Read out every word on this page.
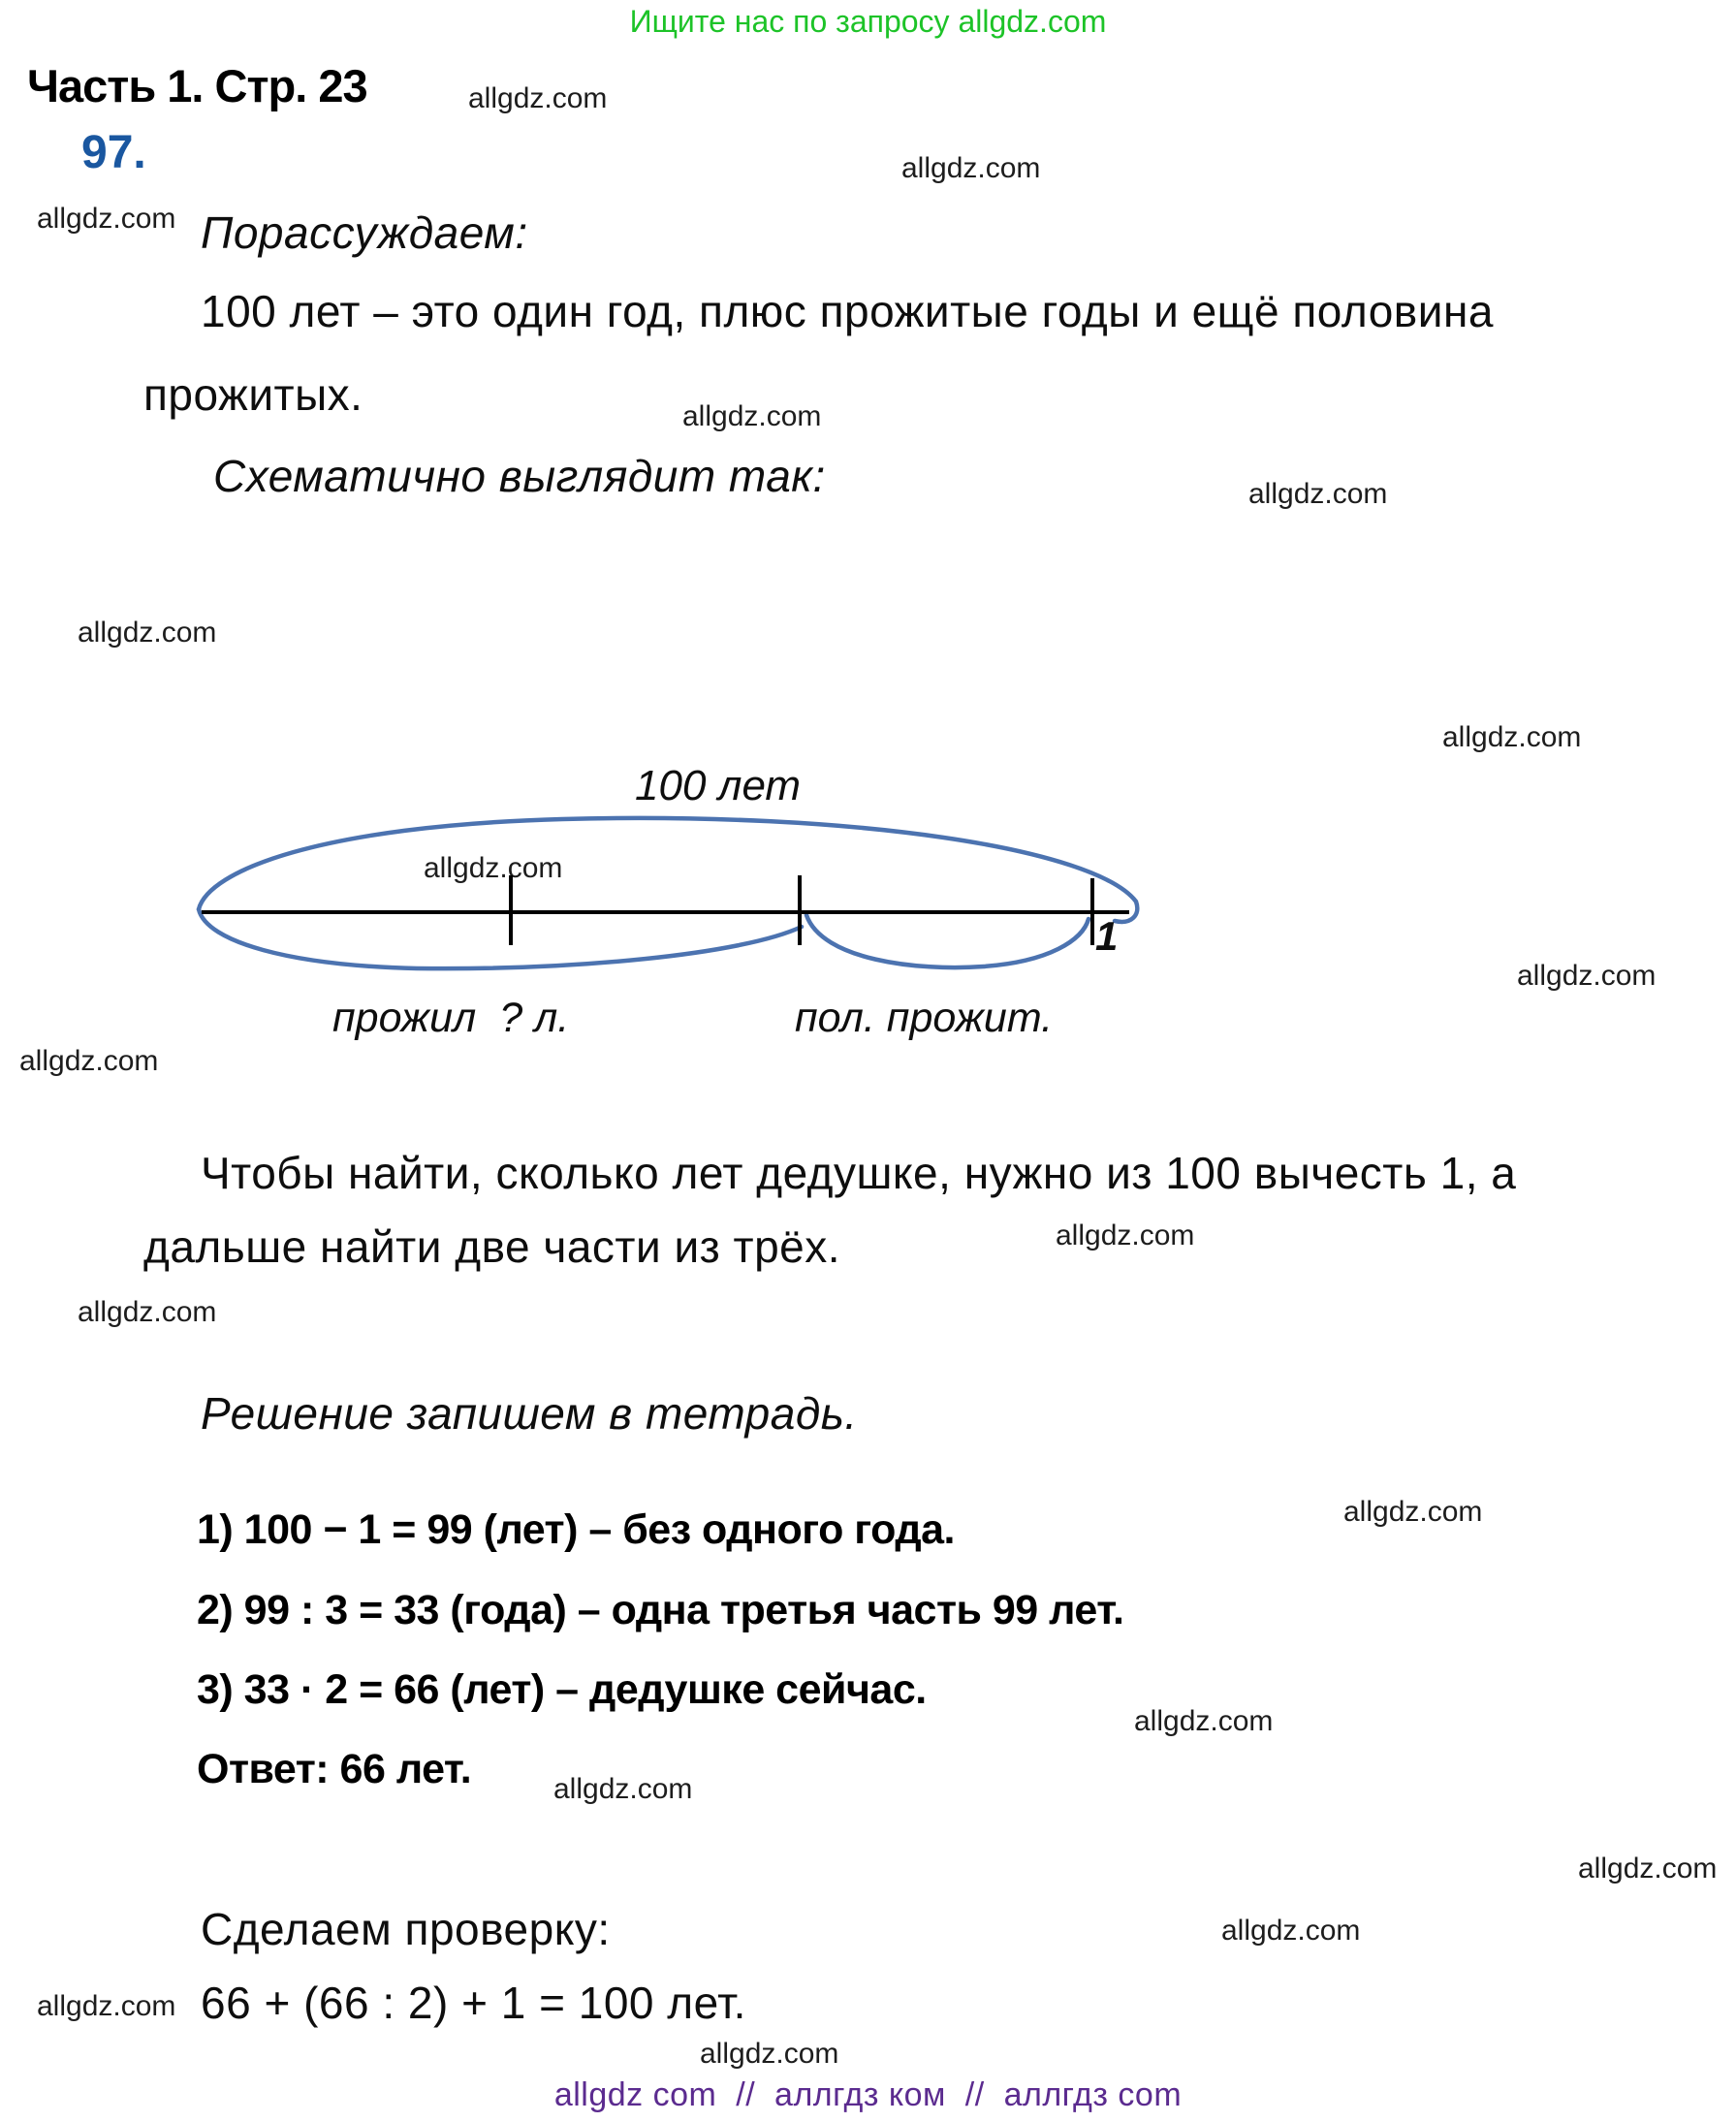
Ищите нас по запросу allgdz.com
Часть 1. Стр. 23
97.
allgdz.com
allgdz.com
allgdz.com
allgdz.com
allgdz.com
allgdz.com
allgdz.com
allgdz.com
allgdz.com
allgdz.com
allgdz.com
allgdz.com
allgdz.com
allgdz.com
allgdz.com
allgdz.com
allgdz.com
allgdz.com
allgdz.com
Порассуждаем:
100 лет – это один год, плюс прожитые годы и ещё половина
прожитых.
Схематично выглядит так:
100 лет
1
прожил  ? л.	пол. прожит.
Чтобы найти, сколько лет дедушке, нужно из 100 вычесть 1, а
дальше найти две части из трёх.
Решение запишем в тетрадь.
1) 100 − 1 = 99 (лет) – без одного года.
2) 99 : 3 = 33 (года) – одна третья часть 99 лет.
3) 33 · 2 = 66 (лет) – дедушке сейчас.
Ответ: 66 лет.
Сделаем проверку:
66 + (66 : 2) + 1 = 100 лет.
allgdz com  //  аллгдз ком  //  аллгдз com
